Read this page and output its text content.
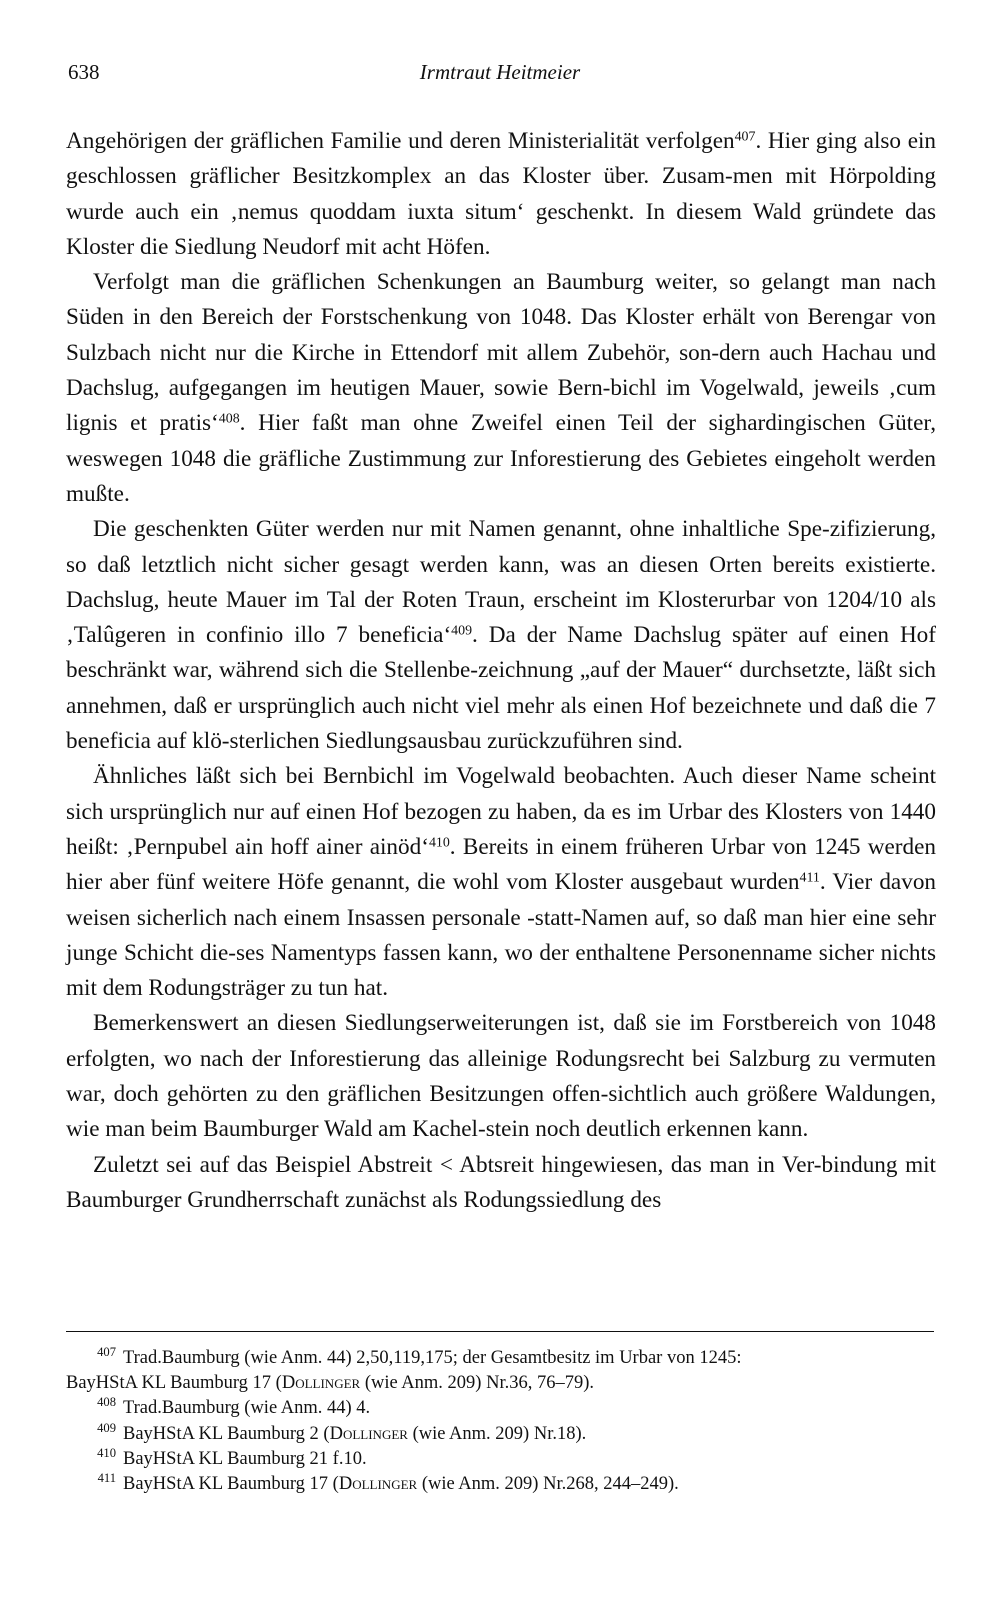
638	Irmtraut Heitmeier

Angehörigen der gräflichen Familie und deren Ministerialität verfolgen$^{407}$. Hier ging also ein geschlossen gräflicher Besitzkomplex an das Kloster über. Zusam-men mit Hörpolding wurde auch ein ‚nemus quoddam iuxta situm‘ geschenkt. In diesem Wald gründete das Kloster die Siedlung Neudorf mit acht Höfen.

Verfolgt man die gräflichen Schenkungen an Baumburg weiter, so gelangt man nach Süden in den Bereich der Forstschenkung von 1048. Das Kloster erhält von Berengar von Sulzbach nicht nur die Kirche in Ettendorf mit allem Zubehör, son-dern auch Hachau und Dachslug, aufgegangen im heutigen Mauer, sowie Bern-bichl im Vogelwald, jeweils ‚cum lignis et pratis‘$^{408}$. Hier faßt man ohne Zweifel einen Teil der sighardingischen Güter, weswegen 1048 die gräfliche Zustimmung zur Inforestierung des Gebietes eingeholt werden mußte.

Die geschenkten Güter werden nur mit Namen genannt, ohne inhaltliche Spe-zifizierung, so daß letztlich nicht sicher gesagt werden kann, was an diesen Orten bereits existierte. Dachslug, heute Mauer im Tal der Roten Traun, erscheint im Klosterurbar von 1204/10 als ‚Talûgeren in confinio illo 7 beneficia‘$^{409}$. Da der Name Dachslug später auf einen Hof beschränkt war, während sich die Stellenbe-zeichnung „auf der Mauer“ durchsetzte, läßt sich annehmen, daß er ursprünglich auch nicht viel mehr als einen Hof bezeichnete und daß die 7 beneficia auf klö-sterlichen Siedlungsausbau zurückzuführen sind.

Ähnliches läßt sich bei Bernbichl im Vogelwald beobachten. Auch dieser Name scheint sich ursprünglich nur auf einen Hof bezogen zu haben, da es im Urbar des Klosters von 1440 heißt: ‚Pernpubel ain hoff ainer ainöd‘$^{410}$. Bereits in einem früheren Urbar von 1245 werden hier aber fünf weitere Höfe genannt, die wohl vom Kloster ausgebaut wurden$^{411}$. Vier davon weisen sicherlich nach einem Insassen personale -statt-Namen auf, so daß man hier eine sehr junge Schicht die-ses Namentyps fassen kann, wo der enthaltene Personenname sicher nichts mit dem Rodungsträger zu tun hat.

Bemerkenswert an diesen Siedlungserweiterungen ist, daß sie im Forstbereich von 1048 erfolgten, wo nach der Inforestierung das alleinige Rodungsrecht bei Salzburg zu vermuten war, doch gehörten zu den gräflichen Besitzungen offen-sichtlich auch größere Waldungen, wie man beim Baumburger Wald am Kachel-stein noch deutlich erkennen kann.

Zuletzt sei auf das Beispiel Abstreit < Abtsreit hingewiesen, das man in Ver-bindung mit Baumburger Grundherrschaft zunächst als Rodungssiedlung des

$^{407}$ Trad.Baumburg (wie Anm. 44) 2,50,119,175; der Gesamtbesitz im Urbar von 1245:
BayHStA KL Baumburg 17 (Dollinger (wie Anm. 209) Nr.36, 76–79).

$^{408}$ Trad.Baumburg (wie Anm. 44) 4.

$^{409}$ BayHStA KL Baumburg 2 (Dollinger (wie Anm. 209) Nr.18).

$^{410}$ BayHStA KL Baumburg 21 f.10.

$^{411}$ BayHStA KL Baumburg 17 (Dollinger (wie Anm. 209) Nr.268, 244–249).
